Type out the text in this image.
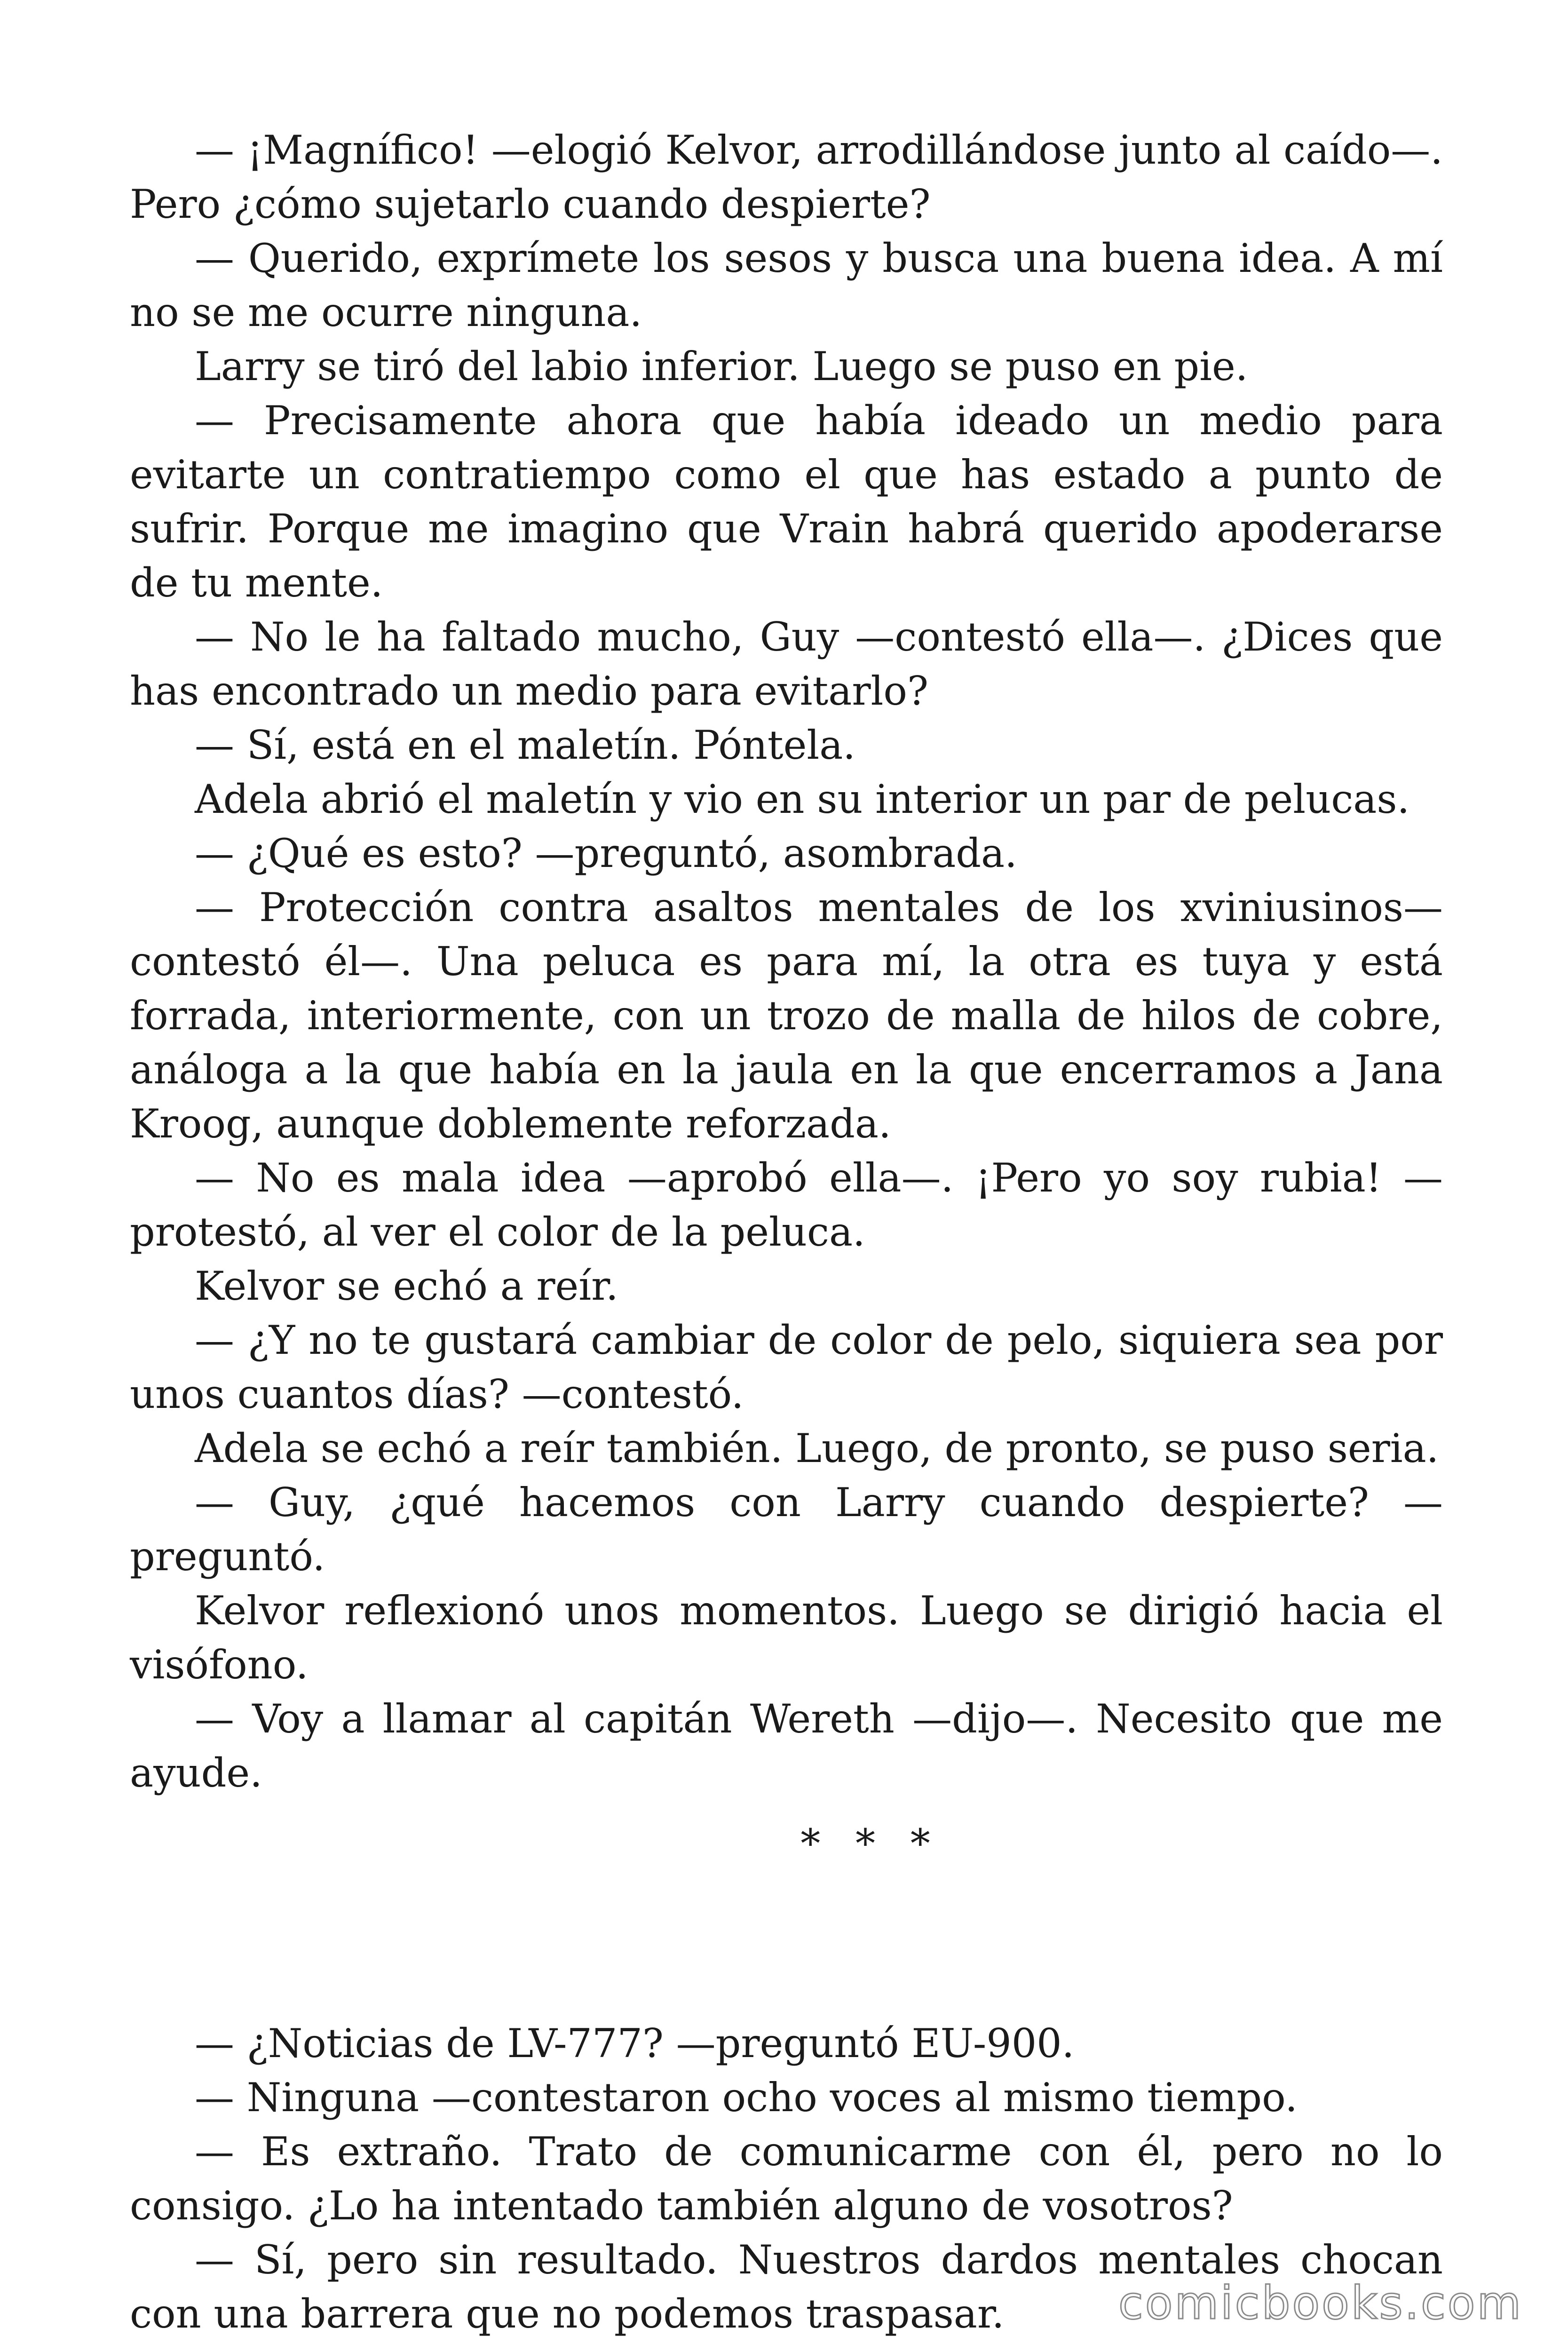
— ¡Magnífico! —elogió Kelvor, arrodillándose junto al caído—. Pero ¿cómo sujetarlo cuando despierte?

— Querido, exprímete los sesos y busca una buena idea. A mí no se me ocurre ninguna.

Larry se tiró del labio inferior. Luego se puso en pie.

— Precisamente ahora que había ideado un medio para evitarte un contratiempo como el que has estado a punto de sufrir. Porque me imagino que Vrain habrá querido apoderarse de tu mente.

— No le ha faltado mucho, Guy —contestó ella—. ¿Dices que has encontrado un medio para evitarlo?

— Sí, está en el maletín. Póntela.

Adela abrió el maletín y vio en su interior un par de pelucas.

— ¿Qué es esto? —preguntó, asombrada.

— Protección contra asaltos mentales de los xviniusinos— contestó él—. Una peluca es para mí, la otra es tuya y está forrada, interiormente, con un trozo de malla de hilos de cobre, análoga a la que había en la jaula en la que encerramos a Jana Kroog, aunque doblemente reforzada.

— No es mala idea —aprobó ella—. ¡Pero yo soy rubia! — protestó, al ver el color de la peluca.

Kelvor se echó a reír.

— ¿Y no te gustará cambiar de color de pelo, siquiera sea por unos cuantos días? —contestó.

Adela se echó a reír también. Luego, de pronto, se puso seria.

— Guy, ¿qué hacemos con Larry cuando despierte? —preguntó.

Kelvor reflexionó unos momentos. Luego se dirigió hacia el visófono.

— Voy a llamar al capitán Wereth —dijo—. Necesito que me ayude.

* * *

— ¿Noticias de LV-777? —preguntó EU-900.

— Ninguna —contestaron ocho voces al mismo tiempo.

— Es extraño. Trato de comunicarme con él, pero no lo consigo. ¿Lo ha intentado también alguno de vosotros?

— Sí, pero sin resultado. Nuestros dardos mentales chocan con una barrera que no podemos traspasar.	comicbooks.com
